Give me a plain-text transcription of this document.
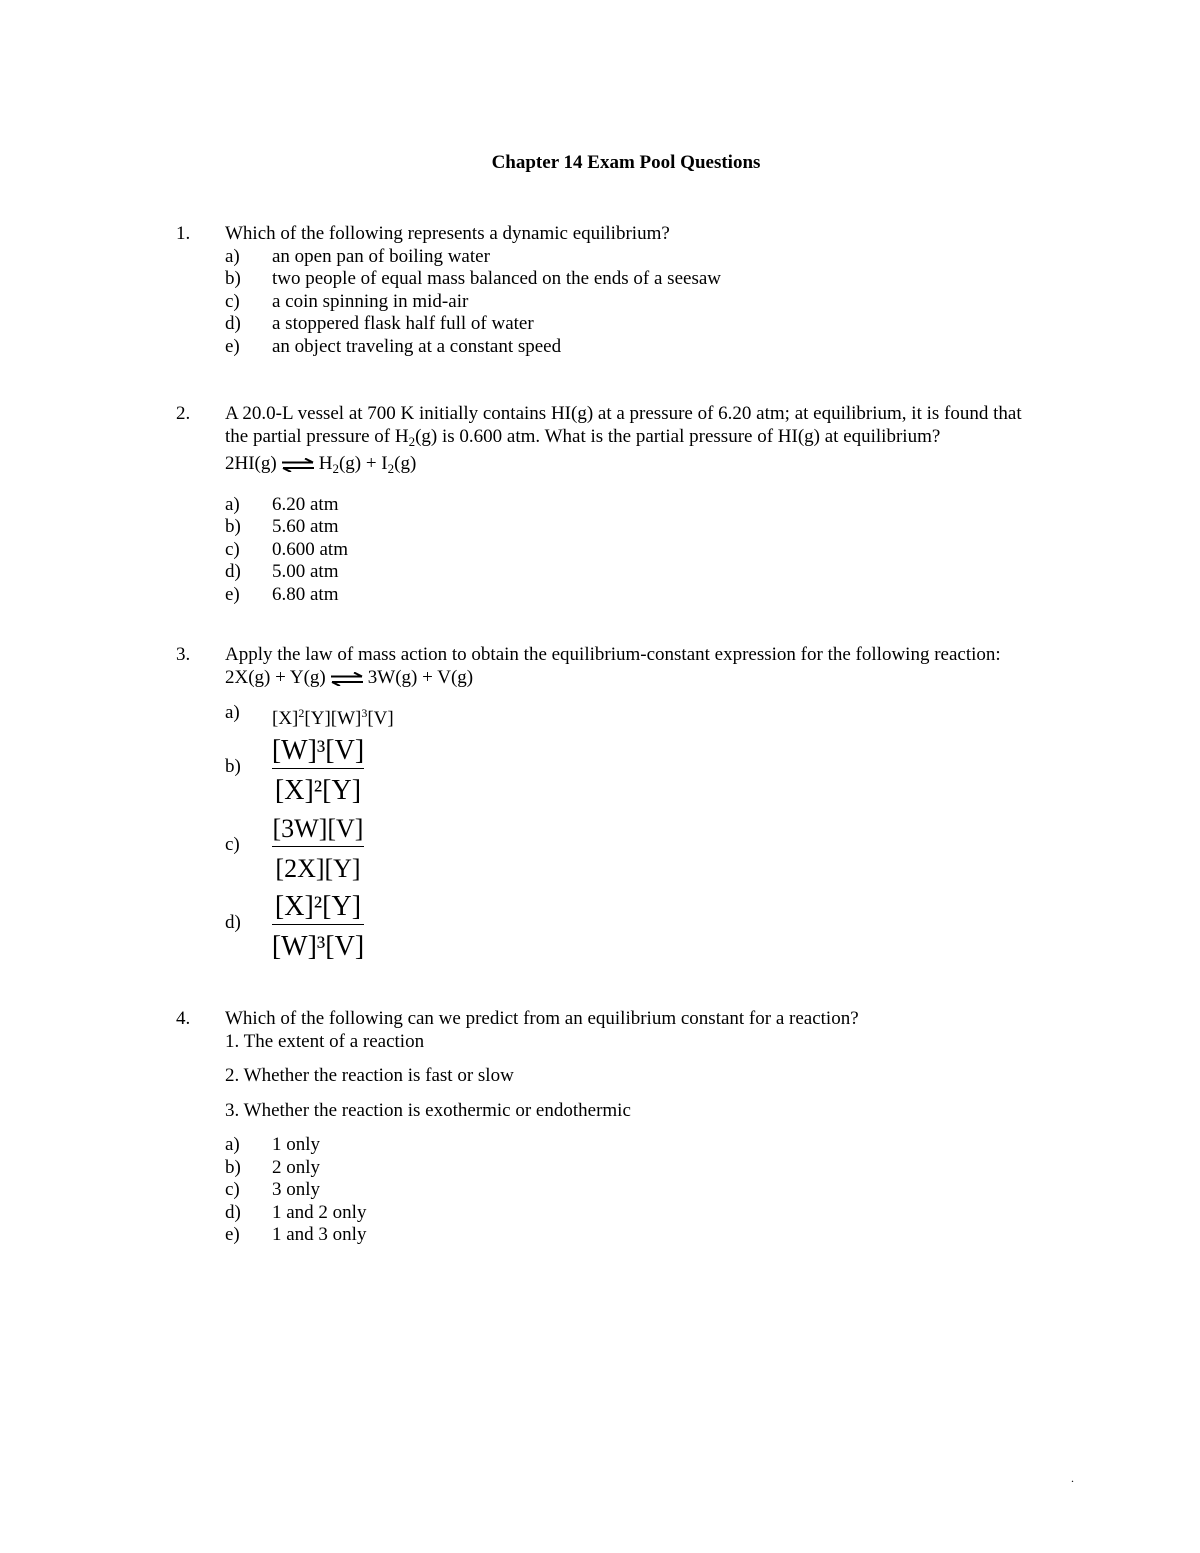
Chapter 14 Exam Pool Questions
1. Which of the following represents a dynamic equilibrium?
a) an open pan of boiling water
b) two people of equal mass balanced on the ends of a seesaw
c) a coin spinning in mid-air
d) a stoppered flask half full of water
e) an object traveling at a constant speed
2. A 20.0-L vessel at 700 K initially contains HI(g) at a pressure of 6.20 atm; at equilibrium, it is found that
the partial pressure of $H_2(g)$ is 0.600 atm. What is the partial pressure of HI(g) at equilibrium?
2HI(g) ⇌ $H_2(g) + I_2(g)$
a) 6.20 atm
b) 5.60 atm
c) 0.600 atm
d) 5.00 atm
e) 6.80 atm
3. Apply the law of mass action to obtain the equilibrium-constant expression for the following reaction:
2X(g) + Y(g) ⇌ 3W(g) + V(g)
a) $[X]^2[Y][W]^3[V]$
b)
[W]³[V]
[X]²[Y]
c)
[3W][V]
[2X][Y]
d)
[X]²[Y]
[W]³[V]
4. Which of the following can we predict from an equilibrium constant for a reaction?
1. The extent of a reaction
2. Whether the reaction is fast or slow
3. Whether the reaction is exothermic or endothermic
a) 1 only
b) 2 only
c) 3 only
d) 1 and 2 only
e) 1 and 3 only
.
